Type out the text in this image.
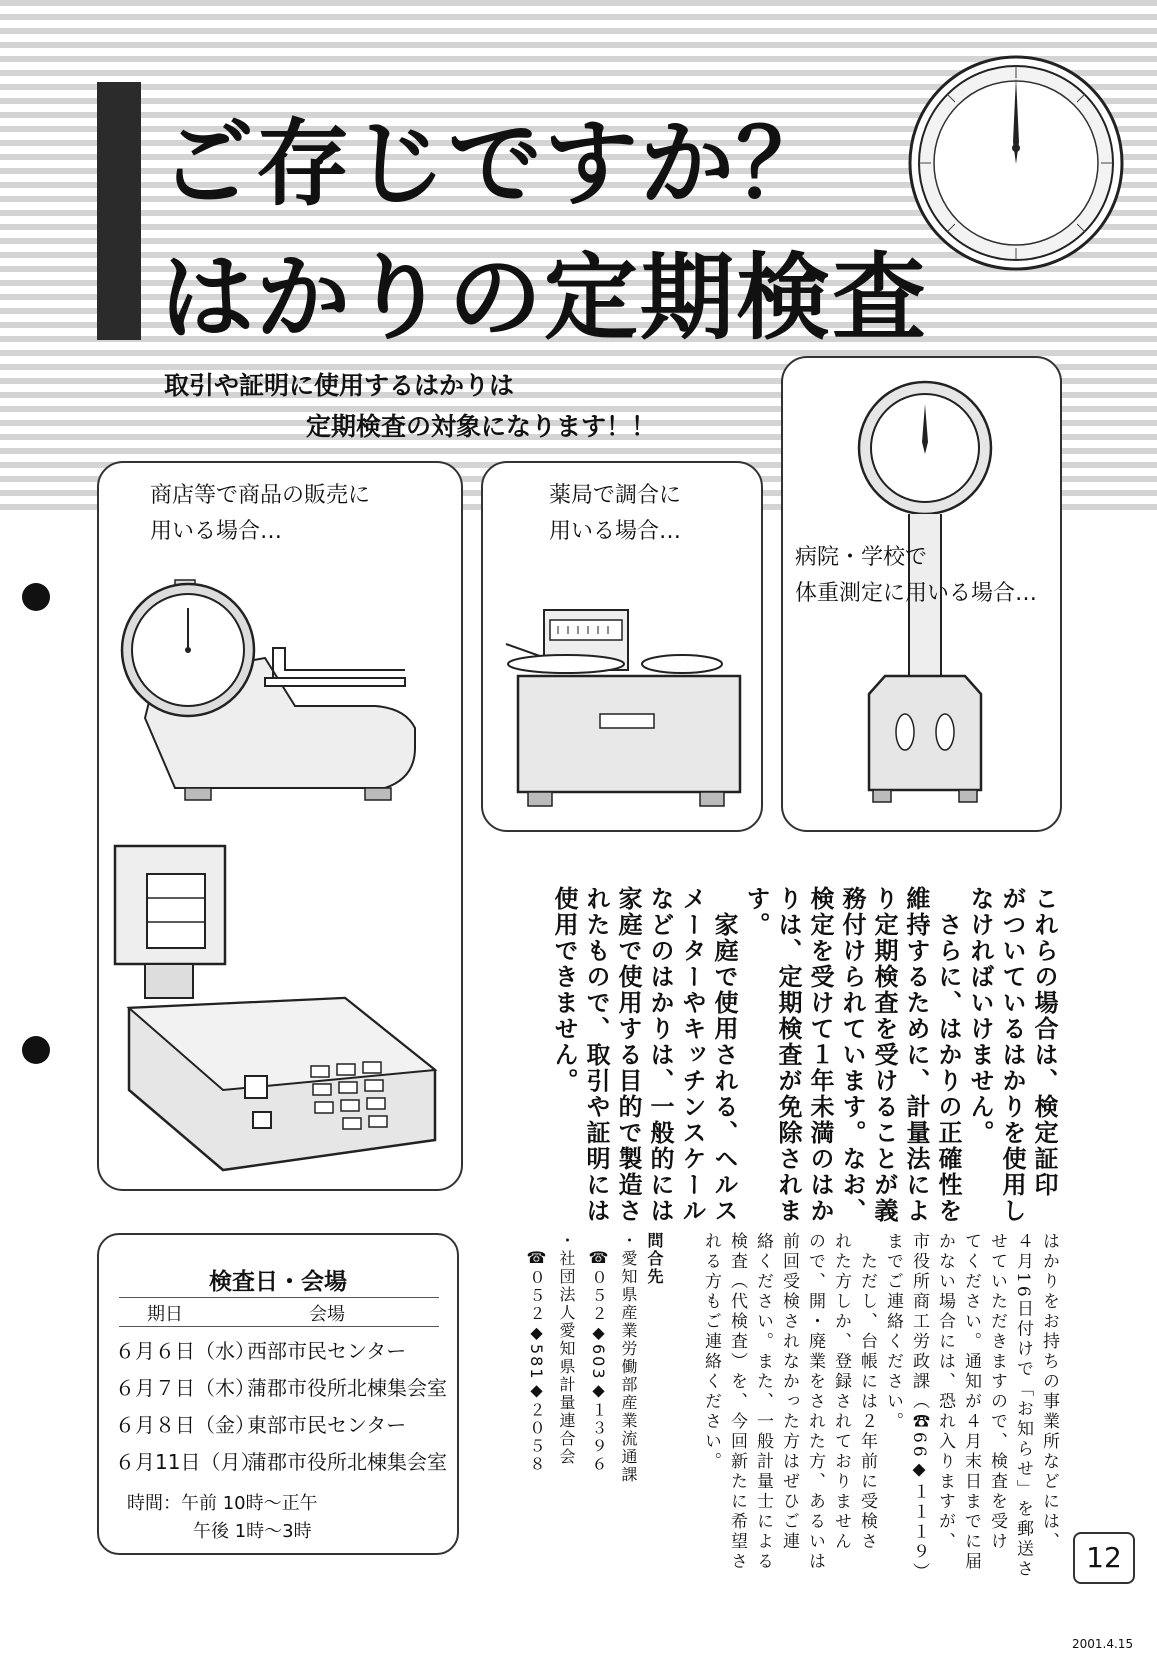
ご存じですか？
はかりの定期検査
取引や証明に使用するはかりは
定期検査の対象になります！！
商店等で商品の販売に
用いる場合…
薬局で調合に
用いる場合…
病院・学校で
体重測定に用いる場合…
これらの場合は、検定証印
がついているはかりを使用し
なければいけません。
　さらに、はかりの正確性を
維持するために、計量法によ
り定期検査を受けることが義
務付けられています。なお、
検定を受けて１年未満のはか
りは、定期検査が免除されま
す。
　家庭で使用される、ヘルス
メーターやキッチンスケール
などのはかりは、一般的には
家庭で使用する目的で製造さ
れたもので、取引や証明には
使用できません。
はかりをお持ちの事業所などには、
４月16日付けで「お知らせ」を郵送さ
せていただきますので、検査を受け
てください。通知が４月末日までに届
かない場合には、恐れ入りますが、
市役所商工労政課（☎66◆１１１９）
までご連絡ください。
　ただし、台帳には２年前に受検さ
れた方しか、登録されておりません
ので、開・廃業をされた方、あるいは
前回受検されなかった方はぜひご連
絡ください。また、一般計量士による
検査（代検査）を、今回新たに希望さ
れる方もご連絡ください。
問合先
・愛知県産業労働部産業流通課
☎０５２◆603◆１３９６
・社団法人愛知県計量連合会
☎０５２◆581◆２０５８
検査日・会場
期日	会場
６月６日（水）西部市民センター
６月７日（木）蒲郡市役所北棟集会室
６月８日（金）東部市民センター
６月11日（月）蒲郡市役所北棟集会室
時間：午前 10時～正午
午後 1時～3時
12
2001.4.15
